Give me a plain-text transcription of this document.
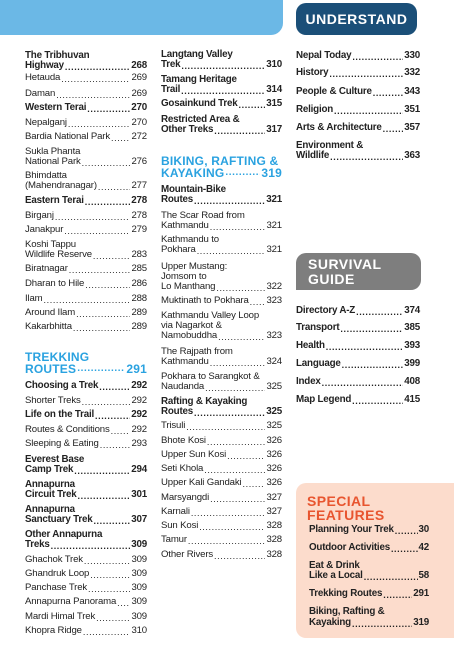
The Tribhuvan
Highway .....	268
Hetauda .....	269
Daman .....	269
Western Terai .....	270
Nepalganj .....	270
Bardia National Park ..... 272
Sukla Phanta
National Park .....	276
Bhimdatta
(Mahendranagar) .....	277
Eastern Terai .....	278
Birganj .....	278
Janakpur .....	279
Koshi Tappu
Wildlife Reserve .....	283
Biratnagar .....	285
Dharan to Hile .....	286
Ilam .....	288
Around Ilam .....	289
Kakarbhitta .....	289
TREKKING
ROUTES .....	291
Choosing a Trek .....	292
Shorter Treks .....	292
Life on the Trail .....	292
Routes & Conditions ..... 292
Sleeping & Eating .....	293
Everest Base
Camp Trek .....	294
Annapurna
Circuit Trek .....	301
Annapurna
Sanctuary Trek .....	307
Other Annapurna
Treks .....	309
Ghachok Trek .....	309
Ghandruk Loop .....	309
Panchase Trek .....	309
Annapurna Panorama ..... 309
Mardi Himal Trek .....	309
Khopra Ridge .....	310
Langtang Valley
Trek .....	310
Tamang Heritage
Trail .....	314
Gosainkund Trek .....	315
Restricted Area &
Other Treks .....	317
BIKING, RAFTING &
KAYAKING .....	319
Mountain-Bike
Routes .....	321
The Scar Road from
Kathmandu .....	321
Kathmandu to
Pokhara .....	321
Upper Mustang:
Jomsom to
Lo Manthang .....	322
Muktinath to Pokhara ..... 323
Kathmandu Valley Loop
via Nagarkot &
Namobuddha .....	323
The Rajpath from
Kathmandu .....	324
Pokhara to Sarangkot &
Naudanda .....	325
Rafting & Kayaking
Routes .....	325
Trisuli .....	325
Bhote Kosi .....	326
Upper Sun Kosi .....	326
Seti Khola .....	326
Upper Kali Gandaki .....	326
Marsyangdi .....	327
Karnali .....	327
Sun Kosi .....	328
Tamur .....	328
Other Rivers .....	328
Nepal Today .....	330
History .....	332
People & Culture .....	343
Religion .....	351
Arts & Architecture ..... 357
Environment &
Wildlife .....	363
Directory A-Z .....	374
Transport .....	385
Health .....	393
Language .....	399
Index .....	408
Map Legend .....	415
UNDERSTAND
SURVIVAL
GUIDE
SPECIAL
FEATURES
Planning Your Trek .....	30
Outdoor Activities .....	42
Eat & Drink
Like a Local .....	58
Trekking Routes .....	291
Biking, Rafting &
Kayaking .....	319
